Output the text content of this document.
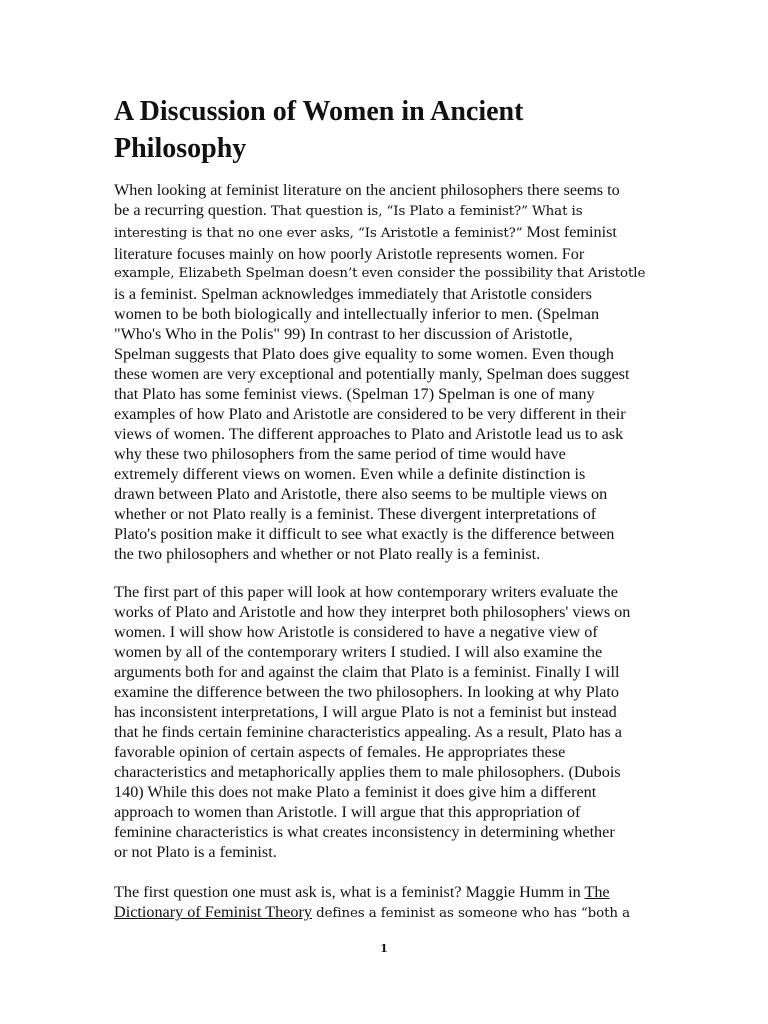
A Discussion of Women in Ancient
Philosophy
When looking at feminist literature on the ancient philosophers there seems to
be a recurring question. That question is, “Is Plato a feminist?” What is
interesting is that no one ever asks, “Is Aristotle a feminist?” Most feminist
literature focuses mainly on how poorly Aristotle represents women. For
example, Elizabeth Spelman doesn’t even consider the possibility that Aristotle
is a feminist. Spelman acknowledges immediately that Aristotle considers
women to be both biologically and intellectually inferior to men. (Spelman
"Who's Who in the Polis" 99) In contrast to her discussion of Aristotle,
Spelman suggests that Plato does give equality to some women. Even though
these women are very exceptional and potentially manly, Spelman does suggest
that Plato has some feminist views. (Spelman 17) Spelman is one of many
examples of how Plato and Aristotle are considered to be very different in their
views of women. The different approaches to Plato and Aristotle lead us to ask
why these two philosophers from the same period of time would have
extremely different views on women. Even while a definite distinction is
drawn between Plato and Aristotle, there also seems to be multiple views on
whether or not Plato really is a feminist. These divergent interpretations of
Plato's position make it difficult to see what exactly is the difference between
the two philosophers and whether or not Plato really is a feminist.
The first part of this paper will look at how contemporary writers evaluate the
works of Plato and Aristotle and how they interpret both philosophers' views on
women. I will show how Aristotle is considered to have a negative view of
women by all of the contemporary writers I studied. I will also examine the
arguments both for and against the claim that Plato is a feminist. Finally I will
examine the difference between the two philosophers. In looking at why Plato
has inconsistent interpretations, I will argue Plato is not a feminist but instead
that he finds certain feminine characteristics appealing. As a result, Plato has a
favorable opinion of certain aspects of females. He appropriates these
characteristics and metaphorically applies them to male philosophers. (Dubois
140) While this does not make Plato a feminist it does give him a different
approach to women than Aristotle. I will argue that this appropriation of
feminine characteristics is what creates inconsistency in determining whether
or not Plato is a feminist.
The first question one must ask is, what is a feminist? Maggie Humm in The
Dictionary of Feminist Theory defines a feminist as someone who has “both a
1
